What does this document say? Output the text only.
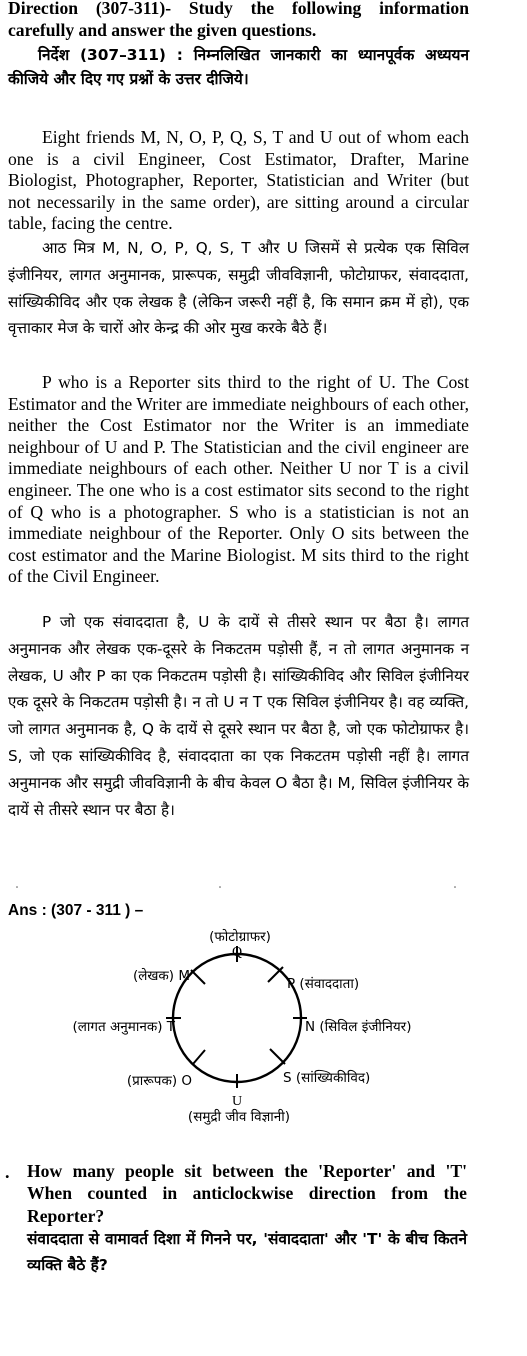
Direction (307-311)- Study the following information carefully and answer the given questions.
निर्देश (307–311) : निम्नलिखित जानकारी का ध्यानपूर्वक अध्ययन कीजिये और दिए गए प्रश्नों के उत्तर दीजिये।
Eight friends M, N, O, P, Q, S, T and U out of whom each one is a civil Engineer, Cost Estimator, Drafter, Marine Biologist, Photographer, Reporter, Statistician and Writer (but not necessarily in the same order), are sitting around a circular table, facing the centre.
आठ मित्र M, N, O, P, Q, S, T और U जिसमें से प्रत्येक एक सिविल इंजीनियर, लागत अनुमानक, प्रारूपक, समुद्री जीवविज्ञानी, फोटोग्राफर, संवाददाता, सांख्यिकीविद और एक लेखक है (लेकिन जरूरी नहीं है, कि समान क्रम में हो), एक वृत्ताकार मेज के चारों ओर केन्द्र की ओर मुख करके बैठे हैं।
P who is a Reporter sits third to the right of U. The Cost Estimator and the Writer are immediate neighbours of each other, neither the Cost Estimator nor the Writer is an immediate neighbour of U and P. The Statistician and the civil engineer are immediate neighbours of each other. Neither U nor T is a civil engineer. The one who is a cost estimator sits second to the right of Q who is a photographer. S who is a statistician is not an immediate neighbour of the Reporter. Only O sits between the cost estimator and the Marine Biologist. M sits third to the right of the Civil Engineer.
P जो एक संवाददाता है, U के दायें से तीसरे स्थान पर बैठा है। लागत अनुमानक और लेखक एक-दूसरे के निकटतम पड़ोसी हैं, न तो लागत अनुमानक न लेखक, U और P का एक निकटतम पड़ोसी है। सांख्यिकीविद और सिविल इंजीनियर एक दूसरे के निकटतम पड़ोसी है। न तो U न T एक सिविल इंजीनियर है। वह व्यक्ति, जो लागत अनुमानक है, Q के दायें से दूसरे स्थान पर बैठा है, जो एक फोटोग्राफर है। S, जो एक सांख्यिकीविद है, संवाददाता का एक निकटतम पड़ोसी नहीं है। लागत अनुमानक और समुद्री जीवविज्ञानी के बीच केवल O बैठा है। M, सिविल इंजीनियर के दायें से तीसरे स्थान पर बैठा है।
Ans : (307 - 311 ) –
(फोटोग्राफर)
Q
P (संवाददाता)
N (सिविल इंजीनियर)
S (सांख्यिकीविद)
U
(समुद्री जीव विज्ञानी)
(प्रारूपक) O
(लागत अनुमानक) T
(लेखक) M
. How many people sit between the 'Reporter' and 'T' When counted in anticlockwise direction from the Reporter?
संवाददाता से वामावर्त दिशा में गिनने पर, 'संवाददाता' और 'T' के बीच कितने व्यक्ति बैठे हैं?
